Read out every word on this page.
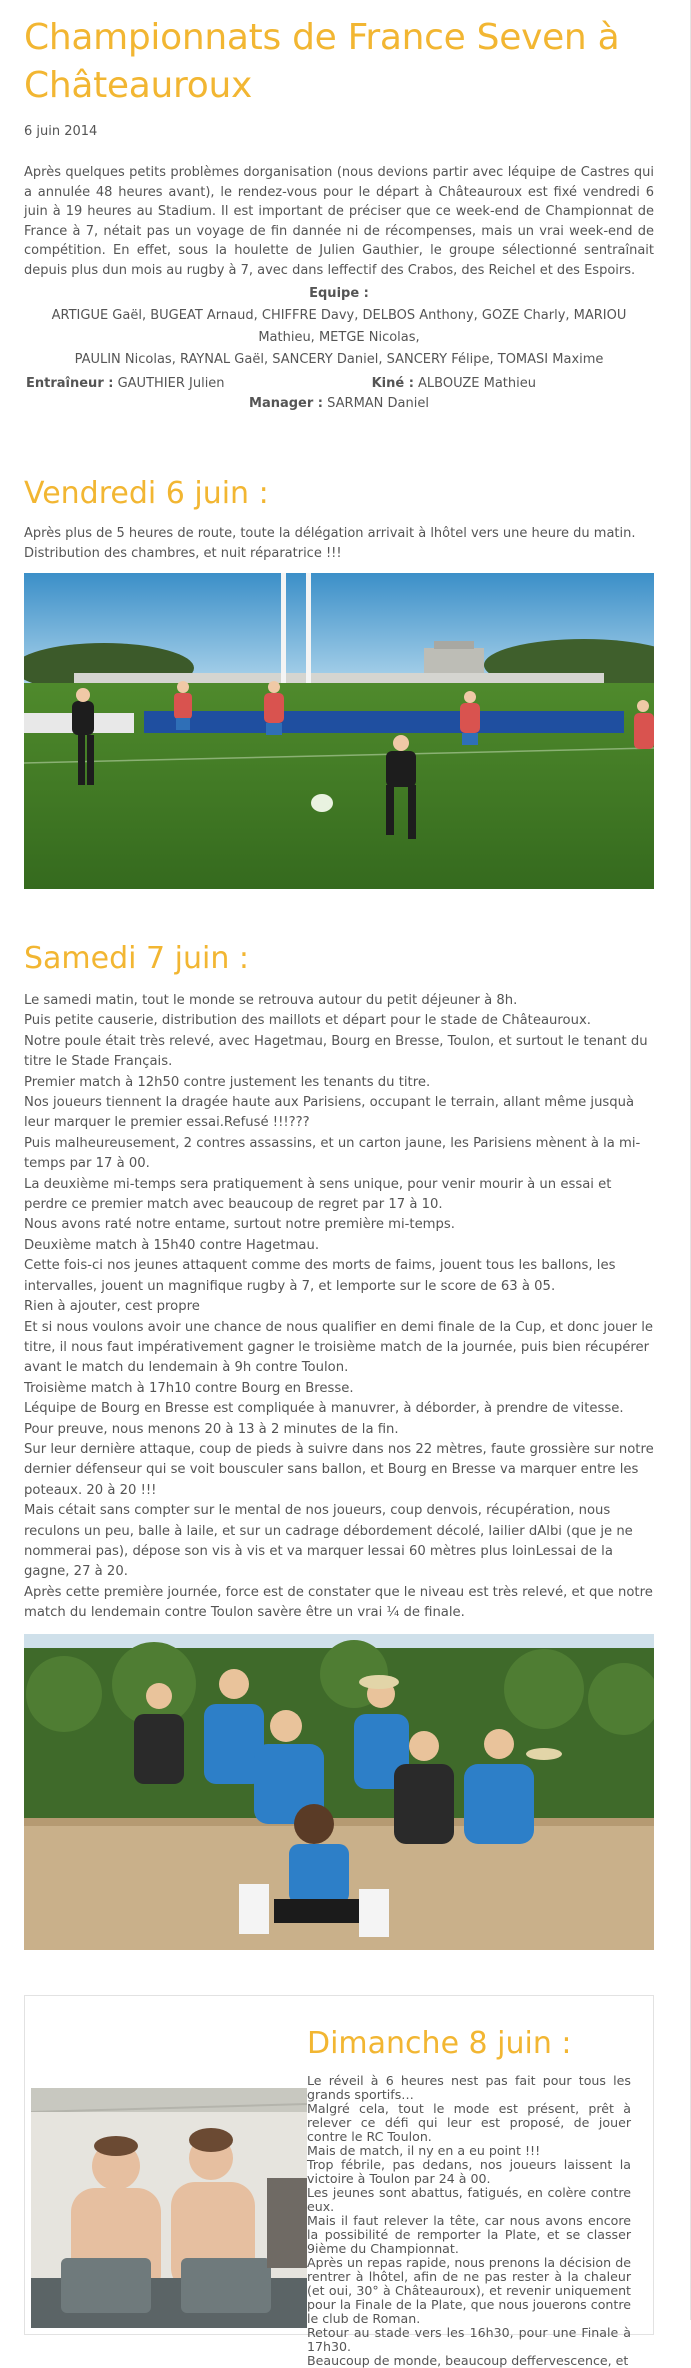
Championnats de France Seven à Châteauroux
6 juin 2014

Après quelques petits problèmes dorganisation (nous devions partir avec léquipe de Castres qui a annulée 48 heures avant), le rendez-vous pour le départ à Châteauroux est fixé vendredi 6 juin à 19 heures au Stadium. Il est important de préciser que ce week-end de Championnat de France à 7, nétait pas un voyage de fin dannée ni de récompenses, mais un vrai week-end de compétition. En effet, sous la houlette de Julien Gauthier, le groupe sélectionné sentraînait depuis plus dun mois au rugby à 7, avec dans leffectif des Crabos, des Reichel et des Espoirs.

Equipe :
ARTIGUE Gaël, BUGEAT Arnaud, CHIFFRE Davy, DELBOS Anthony, GOZE Charly, MARIOU
Mathieu, METGE Nicolas,
PAULIN Nicolas, RAYNAL Gaël, SANCERY Daniel, SANCERY Félipe, TOMASI Maxime
Entraîneur : GAUTHIER Julien	Kiné : ALBOUZE Mathieu
Manager : SARMAN Daniel
Vendredi 6 juin :

Après plus de 5 heures de route, toute la délégation arrivait à lhôtel vers une heure du matin. Distribution des chambres, et nuit réparatrice !!!

Samedi 7 juin :

Le samedi matin, tout le monde se retrouva autour du petit déjeuner à 8h.

Puis petite causerie, distribution des maillots et départ pour le stade de Châteauroux.

Notre poule était très relevé, avec Hagetmau, Bourg en Bresse, Toulon, et surtout le tenant du titre le Stade Français.

Premier match à 12h50 contre justement les tenants du titre.

Nos joueurs tiennent la dragée haute aux Parisiens, occupant le terrain, allant même jusquà leur marquer le premier essai.Refusé !!!???

Puis malheureusement, 2 contres assassins, et un carton jaune, les Parisiens mènent à la mi-temps par 17 à 00.

La deuxième mi-temps sera pratiquement à sens unique, pour venir mourir à un essai et perdre ce premier match avec beaucoup de regret par 17 à 10.

Nous avons raté notre entame, surtout notre première mi-temps.

Deuxième match à 15h40 contre Hagetmau.

Cette fois-ci nos jeunes attaquent comme des morts de faims, jouent tous les ballons, les intervalles, jouent un magnifique rugby à 7, et lemporte sur le score de 63 à 05.

Rien à ajouter, cest propre

Et si nous voulons avoir une chance de nous qualifier en demi finale de la Cup, et donc jouer le titre, il nous faut impérativement gagner le troisième match de la journée, puis bien récupérer avant le match du lendemain à 9h contre Toulon.

Troisième match à 17h10 contre Bourg en Bresse.

Léquipe de Bourg en Bresse est compliquée à manuvrer, à déborder, à prendre de vitesse.

Pour preuve, nous menons 20 à 13 à 2 minutes de la fin.

Sur leur dernière attaque, coup de pieds à suivre dans nos 22 mètres, faute grossière sur notre dernier défenseur qui se voit bousculer sans ballon, et Bourg en Bresse va marquer entre les poteaux. 20 à 20 !!!

Mais cétait sans compter sur le mental de nos joueurs, coup denvois, récupération, nous reculons un peu, balle à laile, et sur un cadrage débordement décolé, lailier dAlbi (que je ne nommerai pas), dépose son vis à vis et va marquer lessai 60 mètres plus loinLessai de la gagne, 27 à 20.

Après cette première journée, force est de constater que le niveau est très relevé, et que notre match du lendemain contre Toulon savère être un vrai ¼ de finale.

Dimanche 8 juin :

Le réveil à 6 heures nest pas fait pour tous les grands sportifs…

Malgré cela, tout le mode est présent, prêt à relever ce défi qui leur est proposé, de jouer contre le RC Toulon.

Mais de match, il ny en a eu point !!!

Trop fébrile, pas dedans, nos joueurs laissent la victoire à Toulon par 24 à 00.

Les jeunes sont abattus, fatigués, en colère contre eux.

Mais il faut relever la tête, car nous avons encore la possibilité de remporter la Plate, et se classer 9ième du Championnat.

Après un repas rapide, nous prenons la décision de rentrer à lhôtel, afin de ne pas rester à la chaleur (et oui, 30° à Châteauroux), et revenir uniquement pour la Finale de la Plate, que nous jouerons contre le club de Roman.

Retour au stade vers les 16h30, pour une Finale à 17h30.

Beaucoup de monde, beaucoup deffervescence, et
